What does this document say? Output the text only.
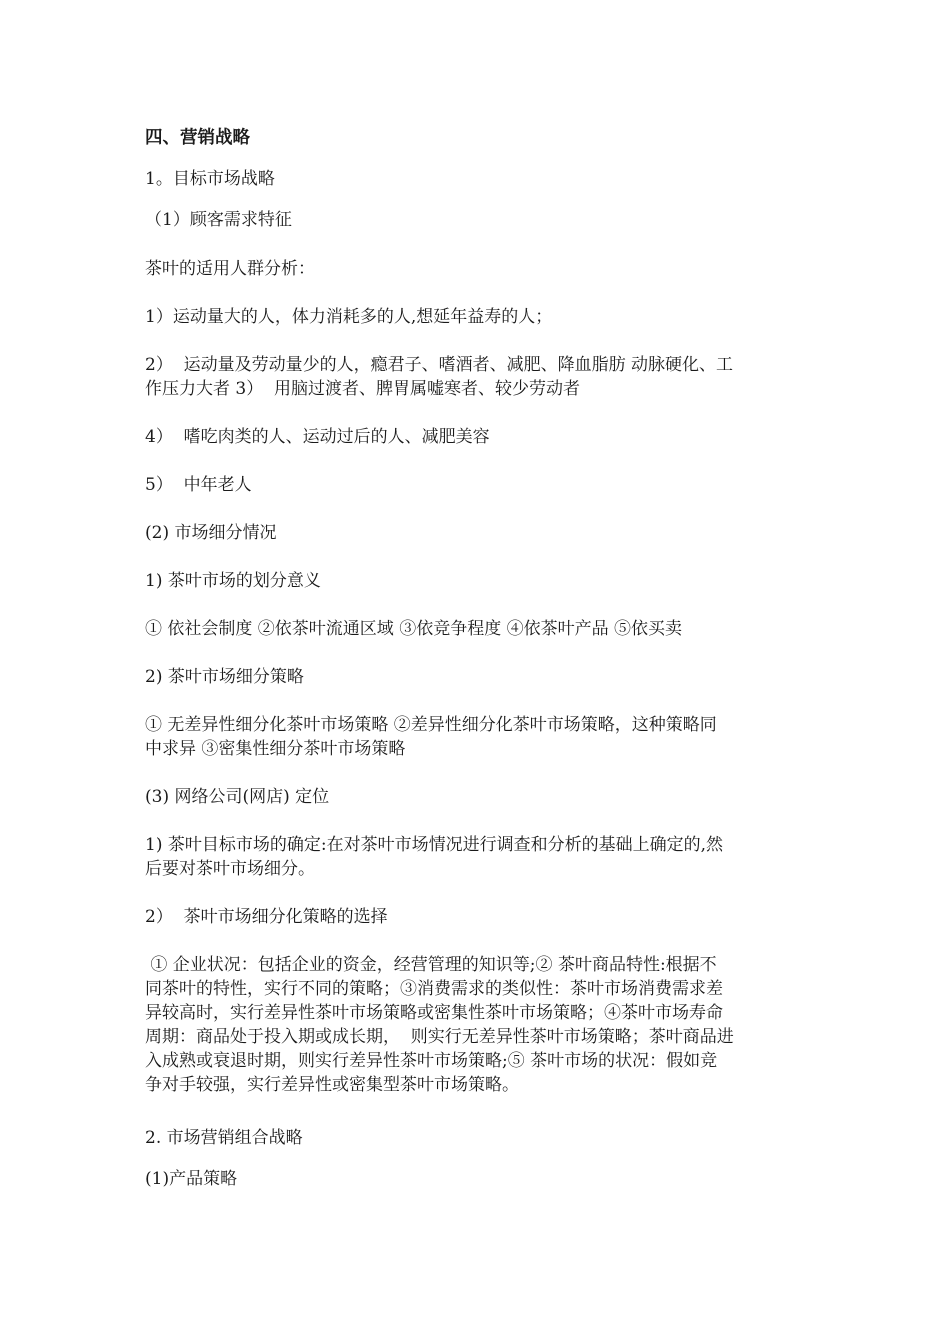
四、营销战略

1。目标市场战略

（1）顾客需求特征

茶叶的适用人群分析：

1）运动量大的人，体力消耗多的人,想延年益寿的人；

2）  运动量及劳动量少的人，瘾君子、嗜酒者、减肥、降血脂肪 动脉硬化、工

作压力大者 3）  用脑过渡者、脾胃属嘘寒者、较少劳动者

4）  嗜吃肉类的人、运动过后的人、减肥美容

5）  中年老人

(2) 市场细分情况

1) 茶叶市场的划分意义

① 依社会制度 ②依茶叶流通区域 ③依竞争程度 ④依茶叶产品 ⑤依买卖

2) 茶叶市场细分策略

① 无差异性细分化茶叶市场策略 ②差异性细分化茶叶市场策略，这种策略同

中求异 ③密集性细分茶叶市场策略

(3) 网络公司(网店) 定位

1) 茶叶目标市场的确定:在对茶叶市场情况进行调查和分析的基础上确定的,然

后要对茶叶市场细分。

2）  茶叶市场细分化策略的选择

① 企业状况：包括企业的资金，经营管理的知识等;② 茶叶商品特性:根据不

同茶叶的特性，实行不同的策略；③消费需求的类似性：茶叶市场消费需求差

异较高时，实行差异性茶叶市场策略或密集性茶叶市场策略；④茶叶市场寿命

周期：商品处于投入期或成长期，  则实行无差异性茶叶市场策略；茶叶商品进

入成熟或衰退时期，则实行差异性茶叶市场策略;⑤ 茶叶市场的状况：假如竞

争对手较强，实行差异性或密集型茶叶市场策略。

2. 市场营销组合战略

(1)产品策略
